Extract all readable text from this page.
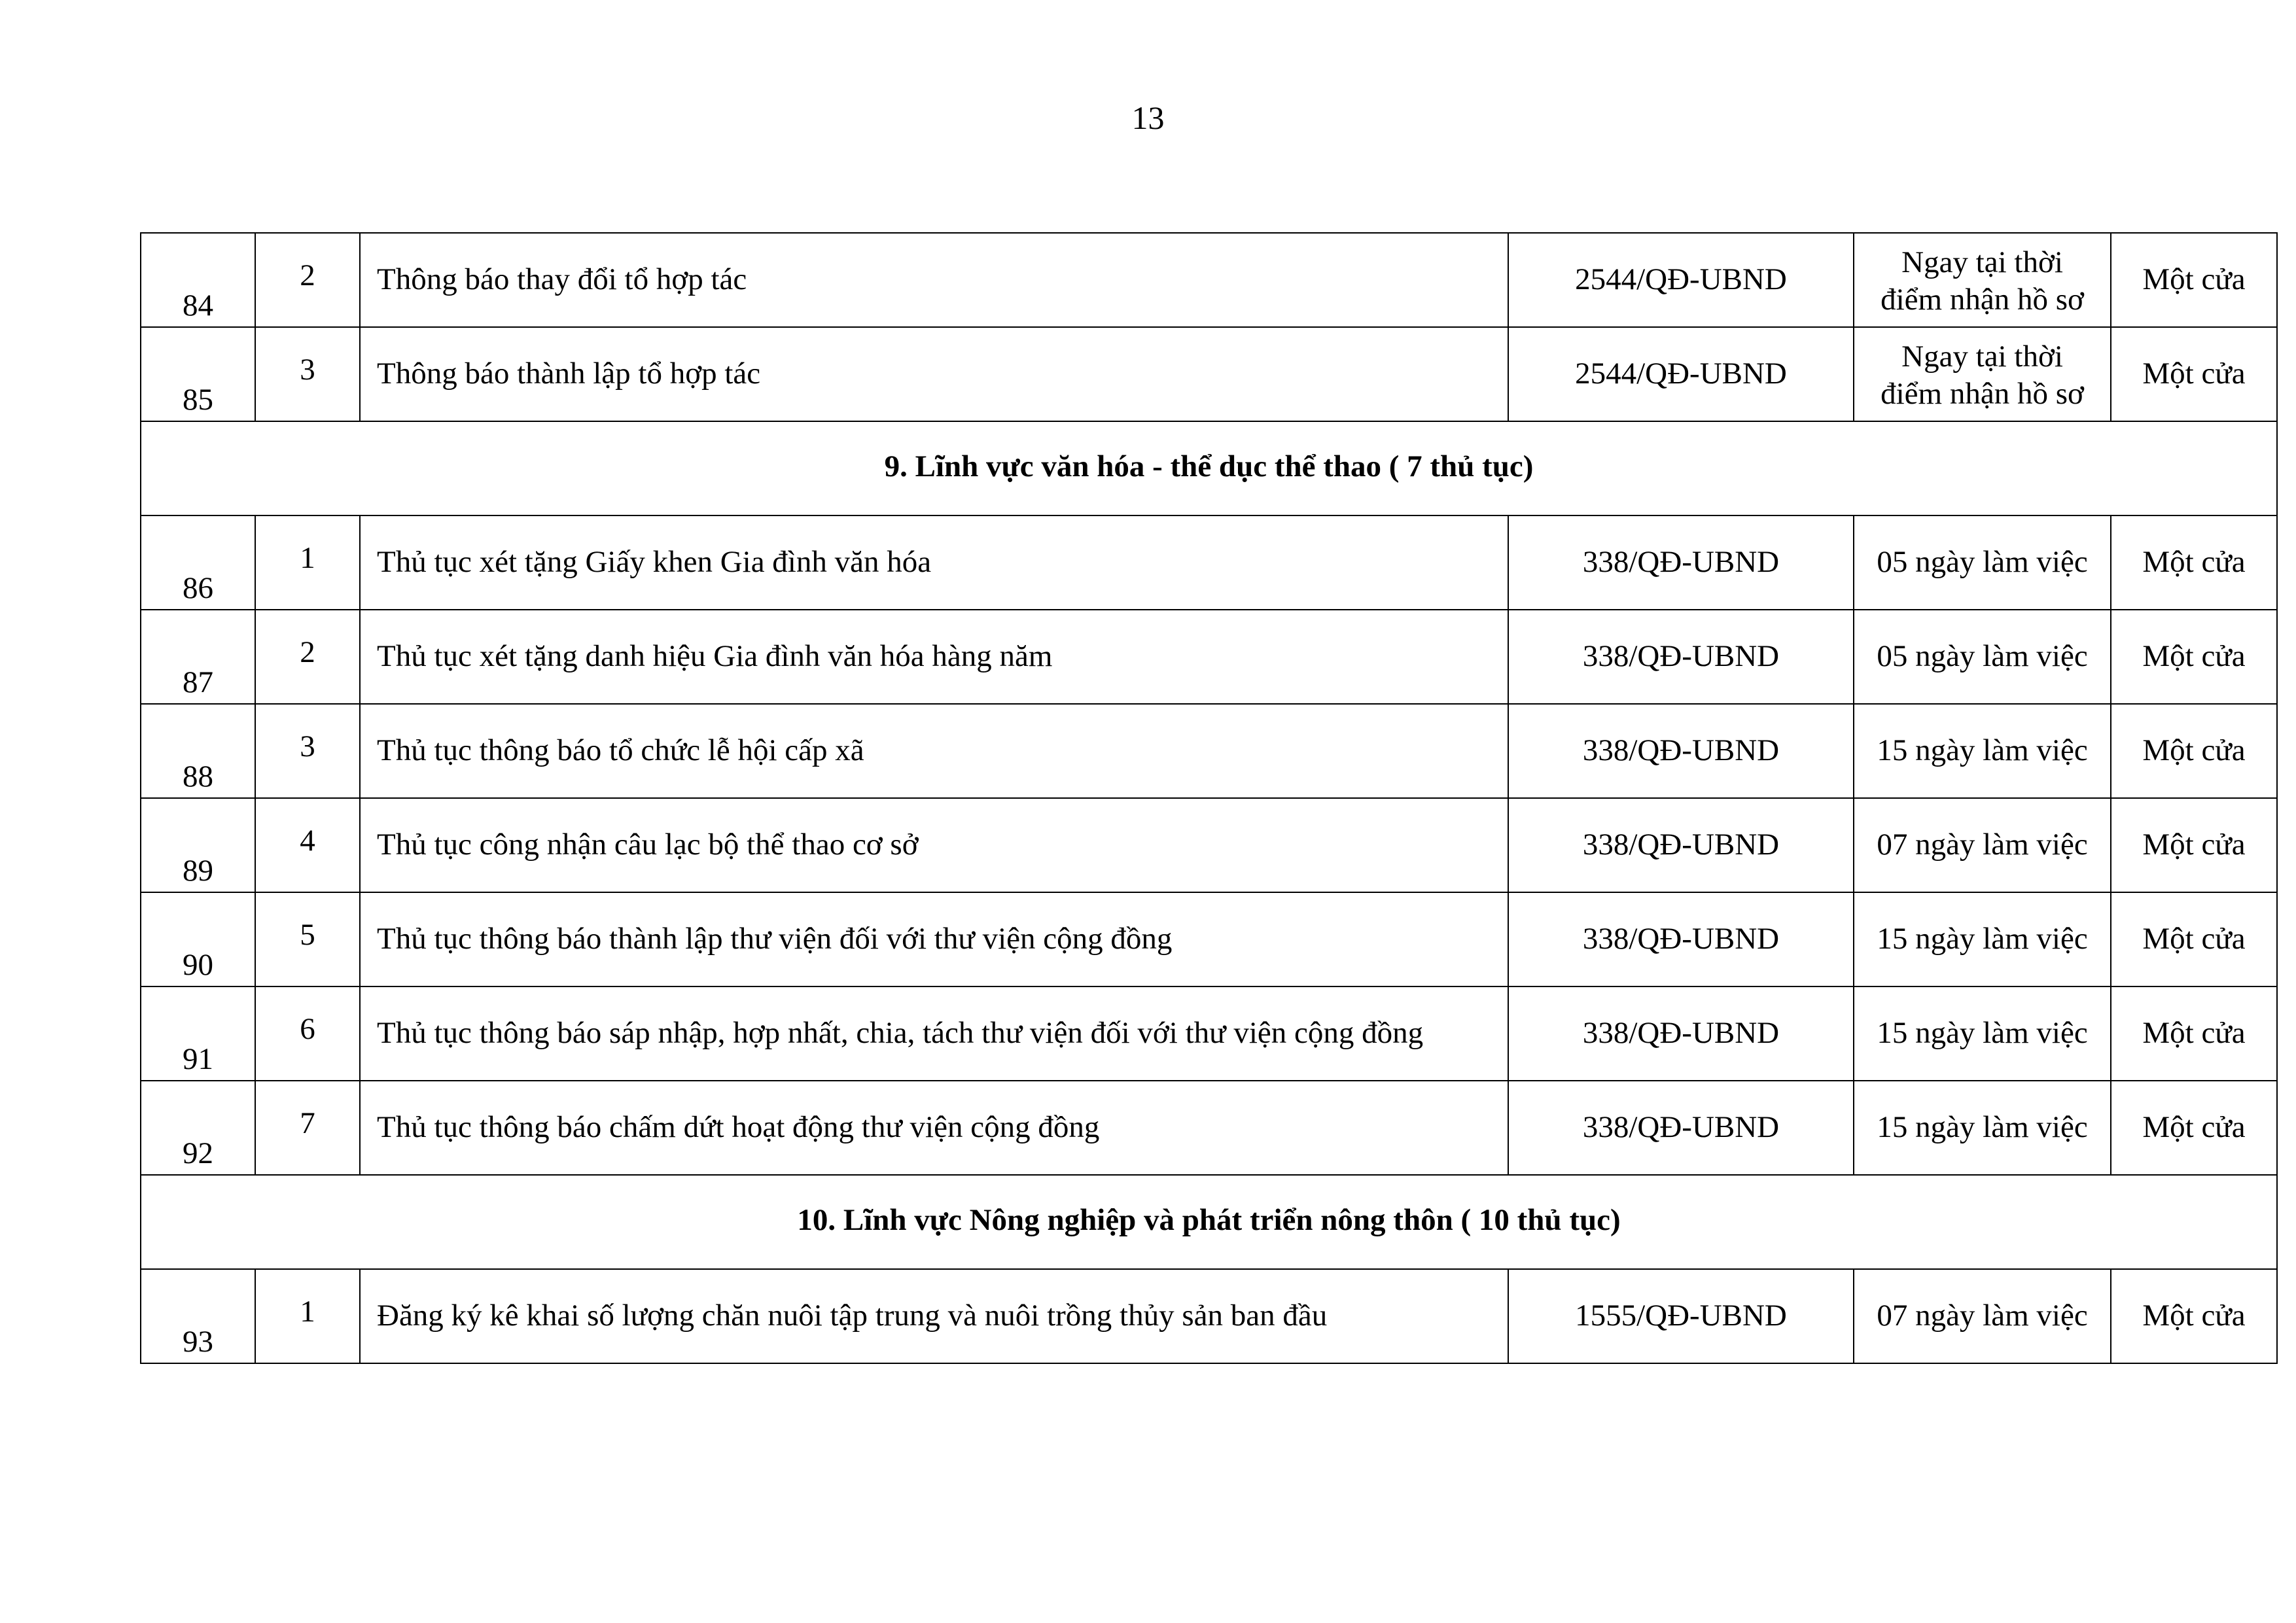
13
84	2	Thông báo thay đổi tổ hợp tác	2544/QĐ-UBND	Ngay tại thời
điểm nhận hồ sơ	Một cửa
85	3	Thông báo thành lập tổ hợp tác	2544/QĐ-UBND	Ngay tại thời
điểm nhận hồ sơ	Một cửa
9. Lĩnh vực văn hóa - thể dục thể thao ( 7 thủ tục)					
86	1	Thủ tục xét tặng Giấy khen Gia đình văn hóa	338/QĐ-UBND	05 ngày làm việc	Một cửa
87	2	Thủ tục xét tặng danh hiệu Gia đình văn hóa hàng năm	338/QĐ-UBND	05 ngày làm việc	Một cửa
88	3	Thủ tục thông báo tổ chức lễ hội cấp xã	338/QĐ-UBND	15 ngày làm việc	Một cửa
89	4	Thủ tục công nhận câu lạc bộ thể thao cơ sở	338/QĐ-UBND	07 ngày làm việc	Một cửa
90	5	Thủ tục thông báo thành lập thư viện đối với thư viện cộng đồng	338/QĐ-UBND	15 ngày làm việc	Một cửa
91	6	Thủ tục thông báo sáp nhập, hợp nhất, chia, tách thư viện đối với thư viện cộng đồng	338/QĐ-UBND	15 ngày làm việc	Một cửa
92	7	Thủ tục thông báo chấm dứt hoạt động thư viện cộng đồng	338/QĐ-UBND	15 ngày làm việc	Một cửa
10. Lĩnh vực Nông nghiệp và phát triển nông thôn ( 10 thủ tục)					
93	1	Đăng ký kê khai số lượng chăn nuôi tập trung và nuôi trồng thủy sản ban đầu	1555/QĐ-UBND	07 ngày làm việc	Một cửa
